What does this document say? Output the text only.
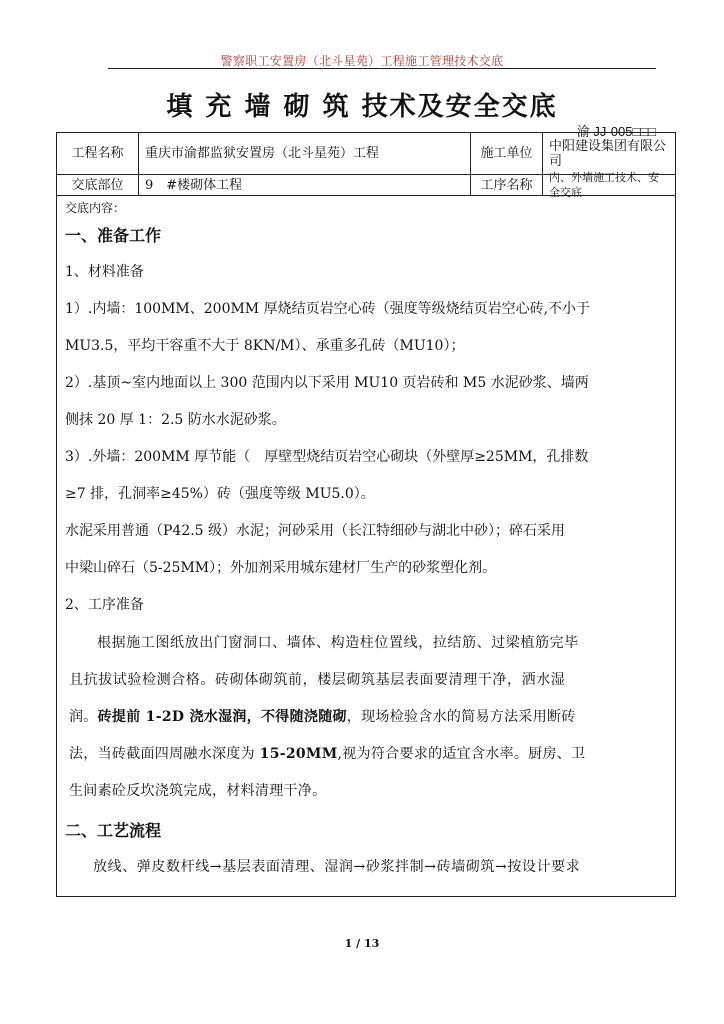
警察职工安置房（北斗星苑）工程施工管理技术交底
填 充 墙 砌 筑 技术及安全交底
渝 JJ-005□□□
工程名称	重庆市渝都监狱安置房（北斗星苑）工程	施工单位	中阳建设集团有限公司
交底部位	9　#楼砌体工程	工序名称	内、外墙施工技术、安全交底
交底内容：
一、准备工作
1、材料准备
1）.内墙：100MM、200MM 厚烧结页岩空心砖（强度等级烧结页岩空心砖,不小于
MU3.5，平均干容重不大于 8KN/M）、承重多孔砖（MU10）；
2）.基顶~室内地面以上 300 范围内以下采用 MU10 页岩砖和 M5 水泥砂浆、墙两
侧抹 20 厚 1：2.5 防水水泥砂浆。
3）.外墙：200MM 厚节能（　厚壁型烧结页岩空心砌块（外壁厚≥25MM，孔排数
≥7 排，孔洞率≥45%）砖（强度等级 MU5.0）。
水泥采用普通（P42.5 级）水泥；河砂采用（长江特细砂与湖北中砂）；碎石采用
中梁山碎石（5-25MM）；外加剂采用城东建材厂生产的砂浆塑化剂。
2、工序准备
根据施工图纸放出门窗洞口、墙体、构造柱位置线，拉结筋、过梁植筋完毕
且抗拔试验检测合格。砖砌体砌筑前，楼层砌筑基层表面要清理干净，洒水湿
润。砖提前 1-2D 浇水湿润，不得随浇随砌，现场检验含水的简易方法采用断砖
法，当砖截面四周融水深度为 15-20MM,视为符合要求的适宜含水率。厨房、卫
生间素砼反坎浇筑完成，材料清理干净。
二、工艺流程
放线、弹皮数杆线→基层表面清理、湿润→砂浆拌制→砖墙砌筑→按设计要求
1 / 13
